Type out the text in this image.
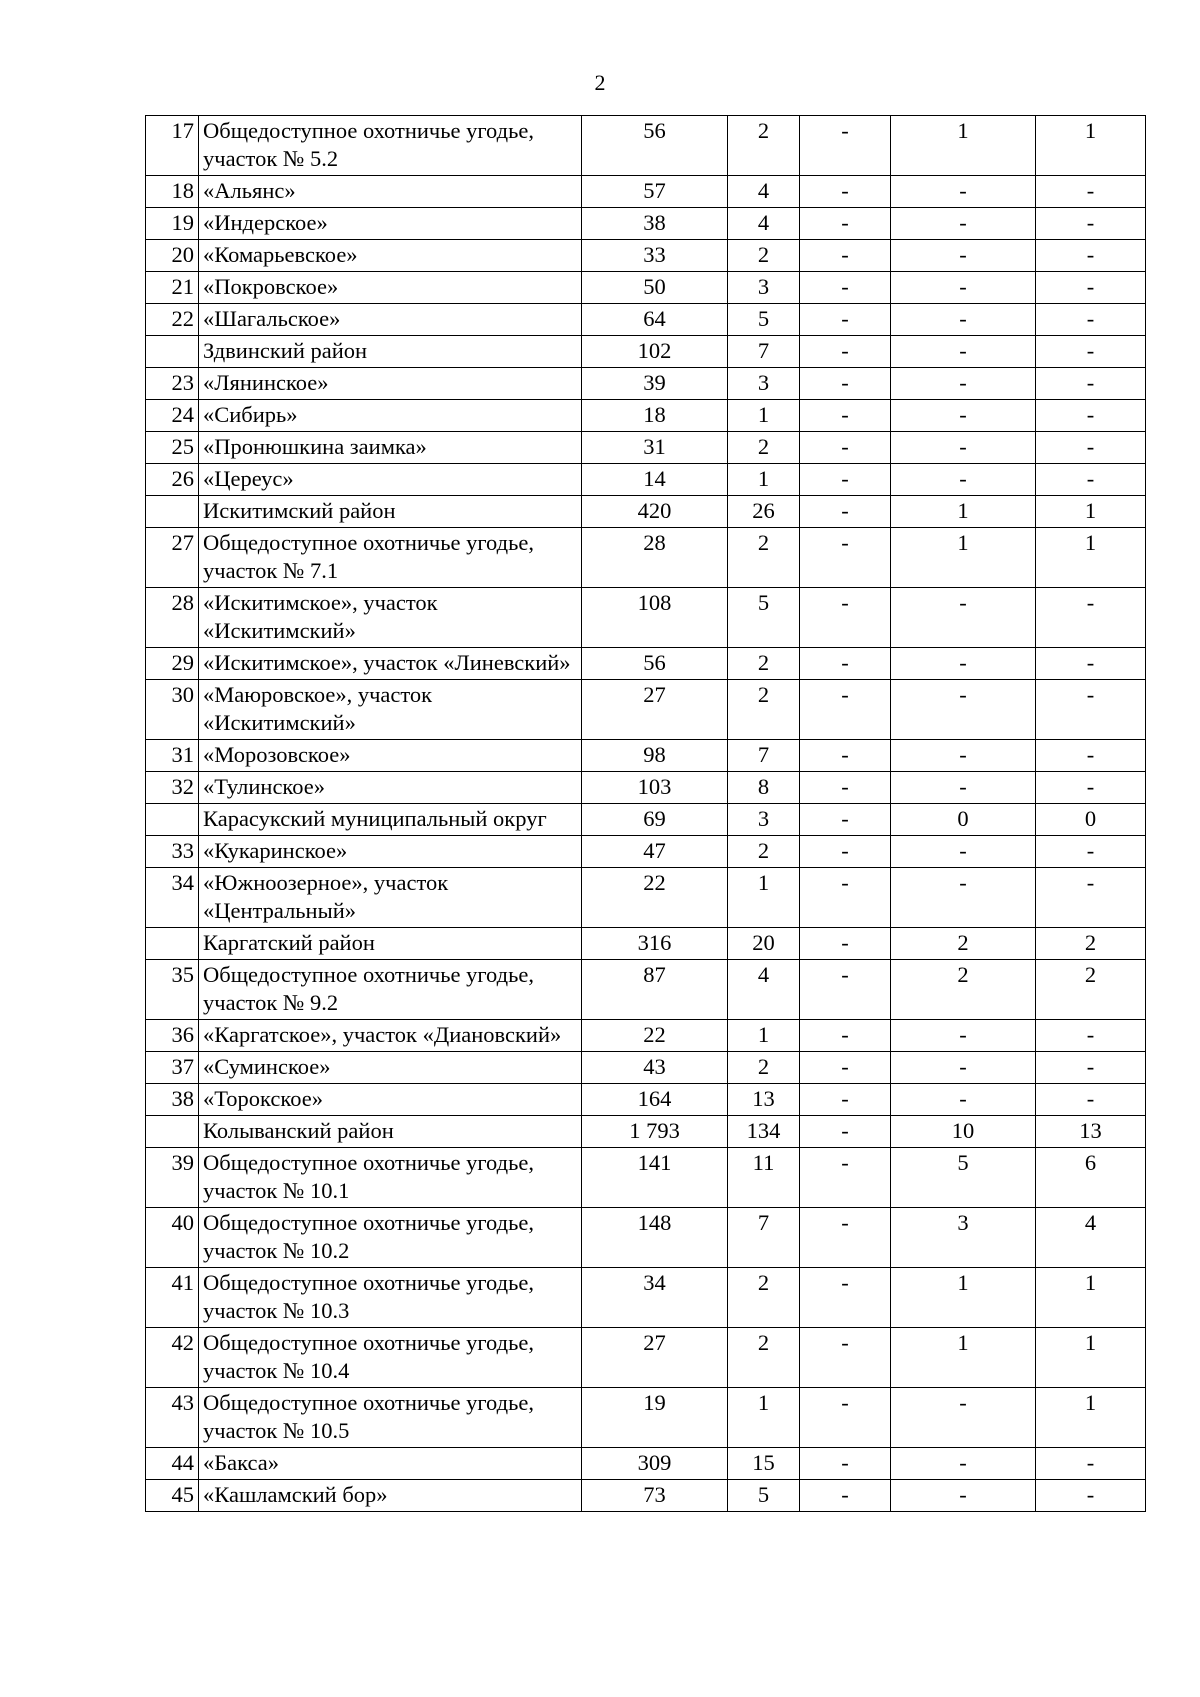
2
17	Общедоступное охотничье угодье, участок № 5.2	56	2	-	1	1
18	«Альянс»	57	4	-	-	-
19	«Индерское»	38	4	-	-	-
20	«Комарьевское»	33	2	-	-	-
21	«Покровское»	50	3	-	-	-
22	«Шагальское»	64	5	-	-	-
	Здвинский район	102	7	-	-	-
23	«Лянинское»	39	3	-	-	-
24	«Сибирь»	18	1	-	-	-
25	«Пронюшкина заимка»	31	2	-	-	-
26	«Цереус»	14	1	-	-	-
	Искитимский район	420	26	-	1	1
27	Общедоступное охотничье угодье, участок № 7.1	28	2	-	1	1
28	«Искитимское», участок «Искитимский»	108	5	-	-	-
29	«Искитимское», участок «Линевский»	56	2	-	-	-
30	«Маюровское», участок «Искитимский»	27	2	-	-	-
31	«Морозовское»	98	7	-	-	-
32	«Тулинское»	103	8	-	-	-
	Карасукский муниципальный округ	69	3	-	0	0
33	«Кукаринское»	47	2	-	-	-
34	«Южноозерное», участок «Центральный»	22	1	-	-	-
	Каргатский район	316	20	-	2	2
35	Общедоступное охотничье угодье, участок № 9.2	87	4	-	2	2
36	«Каргатское», участок «Диановский»	22	1	-	-	-
37	«Суминское»	43	2	-	-	-
38	«Торокское»	164	13	-	-	-
	Колыванский район	1 793	134	-	10	13
39	Общедоступное охотничье угодье, участок № 10.1	141	11	-	5	6
40	Общедоступное охотничье угодье, участок № 10.2	148	7	-	3	4
41	Общедоступное охотничье угодье, участок № 10.3	34	2	-	1	1
42	Общедоступное охотничье угодье, участок № 10.4	27	2	-	1	1
43	Общедоступное охотничье угодье, участок № 10.5	19	1	-	-	1
44	«Бакса»	309	15	-	-	-
45	«Кашламский бор»	73	5	-	-	-
